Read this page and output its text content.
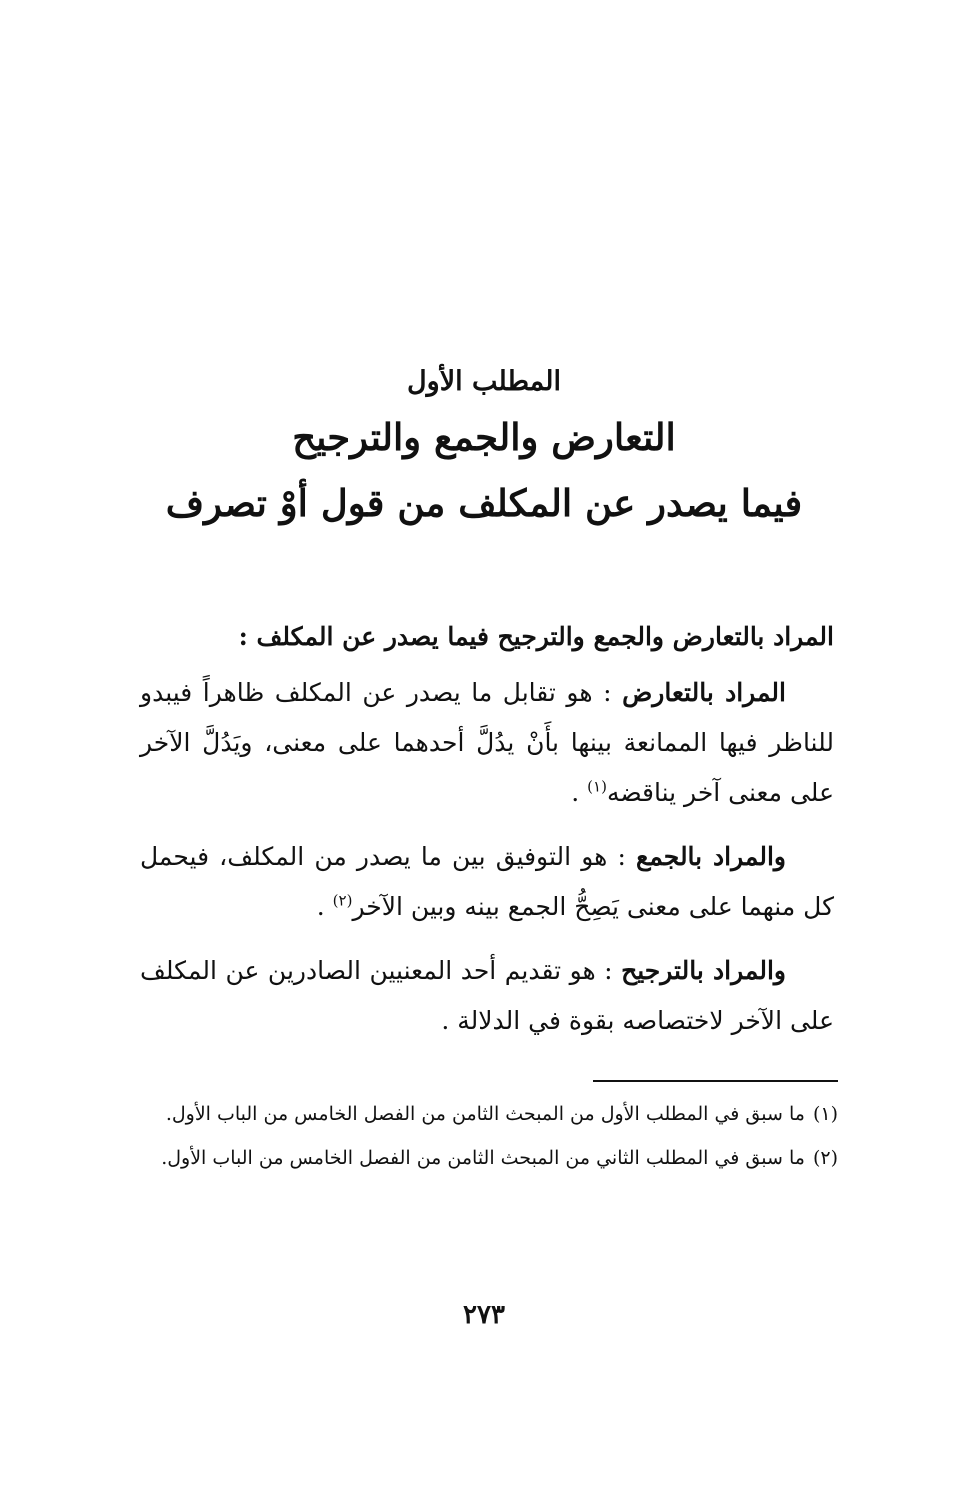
المطلب الأول
التعارض والجمع والترجيح
فيما يصدر عن المكلف من قول أوْ تصرف
المراد بالتعارض والجمع والترجيح فيما يصدر عن المكلف :

المراد بالتعارض : هو تقابل ما يصدر عن المكلف ظاهراً فيبدو للناظر فيها الممانعة بينها بأَنْ يدُلَّ أحدهما على معنى، ويَدُلَّ الآخر على معنى آخر يناقضه$^{(١)}$ .

والمراد بالجمع : هو التوفيق بين ما يصدر من المكلف، فيحمل كل منهما على معنى يَصِحُّ الجمع بينه وبين الآخر$^{(٢)}$ .

والمراد بالترجيح : هو تقديم أحد المعنيين الصادرين عن المكلف على الآخر لاختصاصه بقوة في الدلالة .

(١)ما سبق في المطلب الأول من المبحث الثامن من الفصل الخامس من الباب الأول.

(٢)ما سبق في المطلب الثاني من المبحث الثامن من الفصل الخامس من الباب الأول.

٢٧٣
